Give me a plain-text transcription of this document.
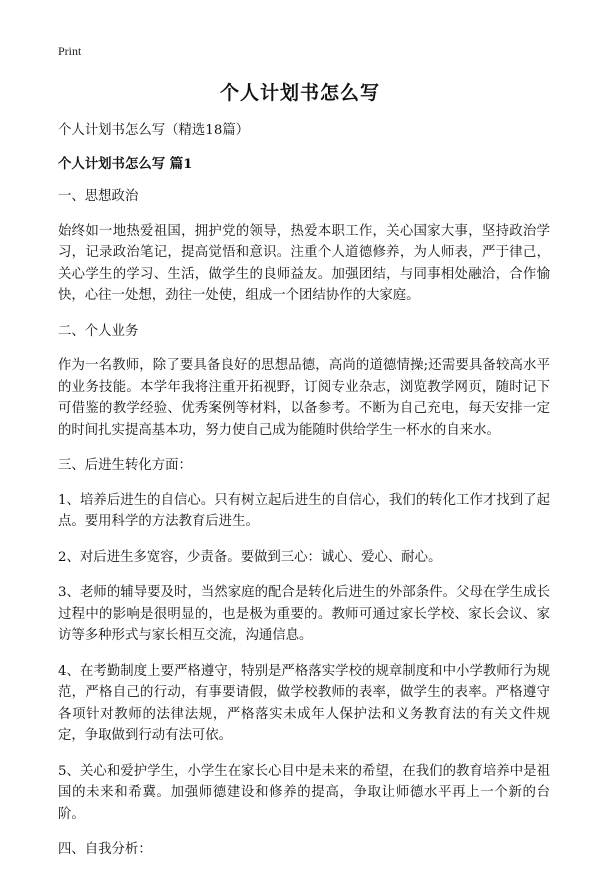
Print
个人计划书怎么写

个人计划书怎么写（精选18篇）

个人计划书怎么写 篇1

一、思想政治

始终如一地热爱祖国，拥护党的领导，热爱本职工作，关心国家大事，坚持政治学习，记录政治笔记，提高觉悟和意识。注重个人道德修养，为人师表，严于律己，关心学生的学习、生活，做学生的良师益友。加强团结，与同事相处融洽，合作愉快，心往一处想，劲往一处使，组成一个团结协作的大家庭。

二、个人业务

作为一名教师，除了要具备良好的思想品德，高尚的道德情操;还需要具备较高水平的业务技能。本学年我将注重开拓视野，订阅专业杂志，浏览教学网页，随时记下可借鉴的教学经验、优秀案例等材料，以备参考。不断为自己充电，每天安排一定的时间扎实提高基本功，努力使自己成为能随时供给学生一杯水的自来水。

三、后进生转化方面：

1、培养后进生的自信心。只有树立起后进生的自信心，我们的转化工作才找到了起点。要用科学的方法教育后进生。

2、对后进生多宽容，少责备。要做到三心：诚心、爱心、耐心。

3、老师的辅导要及时，当然家庭的配合是转化后进生的外部条件。父母在学生成长过程中的影响是很明显的，也是极为重要的。教师可通过家长学校、家长会议、家访等多种形式与家长相互交流，沟通信息。

4、在考勤制度上要严格遵守，特别是严格落实学校的规章制度和中小学教师行为规范，严格自己的行动，有事要请假，做学校教师的表率，做学生的表率。严格遵守各项针对教师的法律法规，严格落实未成年人保护法和义务教育法的有关文件规定，争取做到行动有法可依。

5、关心和爱护学生，小学生在家长心目中是未来的希望，在我们的教育培养中是祖国的未来和希冀。加强师德建设和修养的提高，争取让师德水平再上一个新的台阶。

四、自我分析：
